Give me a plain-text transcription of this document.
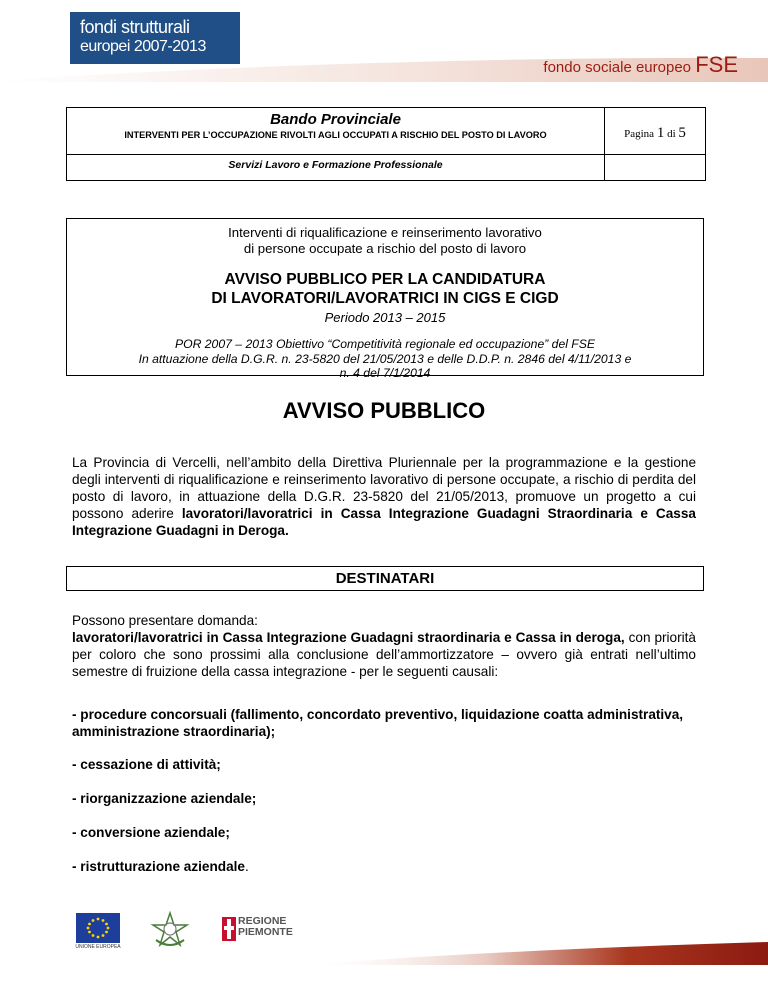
fondi strutturali
europei 2007-2013
fondo sociale europeo FSE
Bando Provinciale
INTERVENTI PER L’OCCUPAZIONE RIVOLTI AGLI OCCUPATI A RISCHIO DEL POSTO DI LAVORO
Servizi Lavoro e Formazione Professionale
Pagina 1 di 5
Interventi di riqualificazione e reinserimento lavorativo
di persone occupate a rischio del posto di lavoro
AVVISO PUBBLICO PER LA CANDIDATURA
DI LAVORATORI/LAVORATRICI IN CIGS E CIGD
Periodo 2013 – 2015
POR 2007 – 2013 Obiettivo “Competitività regionale ed occupazione” del FSE
In attuazione della D.G.R. n. 23-5820 del 21/05/2013 e delle D.D.P. n. 2846 del 4/11/2013 e
n. 4 del 7/1/2014
AVVISO PUBBLICO
La Provincia di Vercelli, nell’ambito della Direttiva Pluriennale per la programmazione e la gestione degli interventi di riqualificazione e reinserimento lavorativo di persone occupate, a rischio di perdita del posto di lavoro, in attuazione della D.G.R. 23-5820 del 21/05/2013, promuove un progetto a cui possono aderire lavoratori/lavoratrici in Cassa Integrazione Guadagni Straordinaria e Cassa Integrazione Guadagni in Deroga.
DESTINATARI
Possono presentare domanda:
lavoratori/lavoratrici in Cassa Integrazione Guadagni straordinaria e Cassa in deroga, con priorità per coloro che sono prossimi alla conclusione dell’ammortizzatore – ovvero già entrati nell’ultimo semestre di fruizione della cassa integrazione - per le seguenti causali:
- procedure concorsuali (fallimento, concordato preventivo, liquidazione coatta administrativa, amministrazione straordinaria);
- cessazione di attività;
- riorganizzazione aziendale;
- conversione aziendale;
- ristrutturazione aziendale.
UNIONE EUROPEA
REGIONE
PIEMONTE
